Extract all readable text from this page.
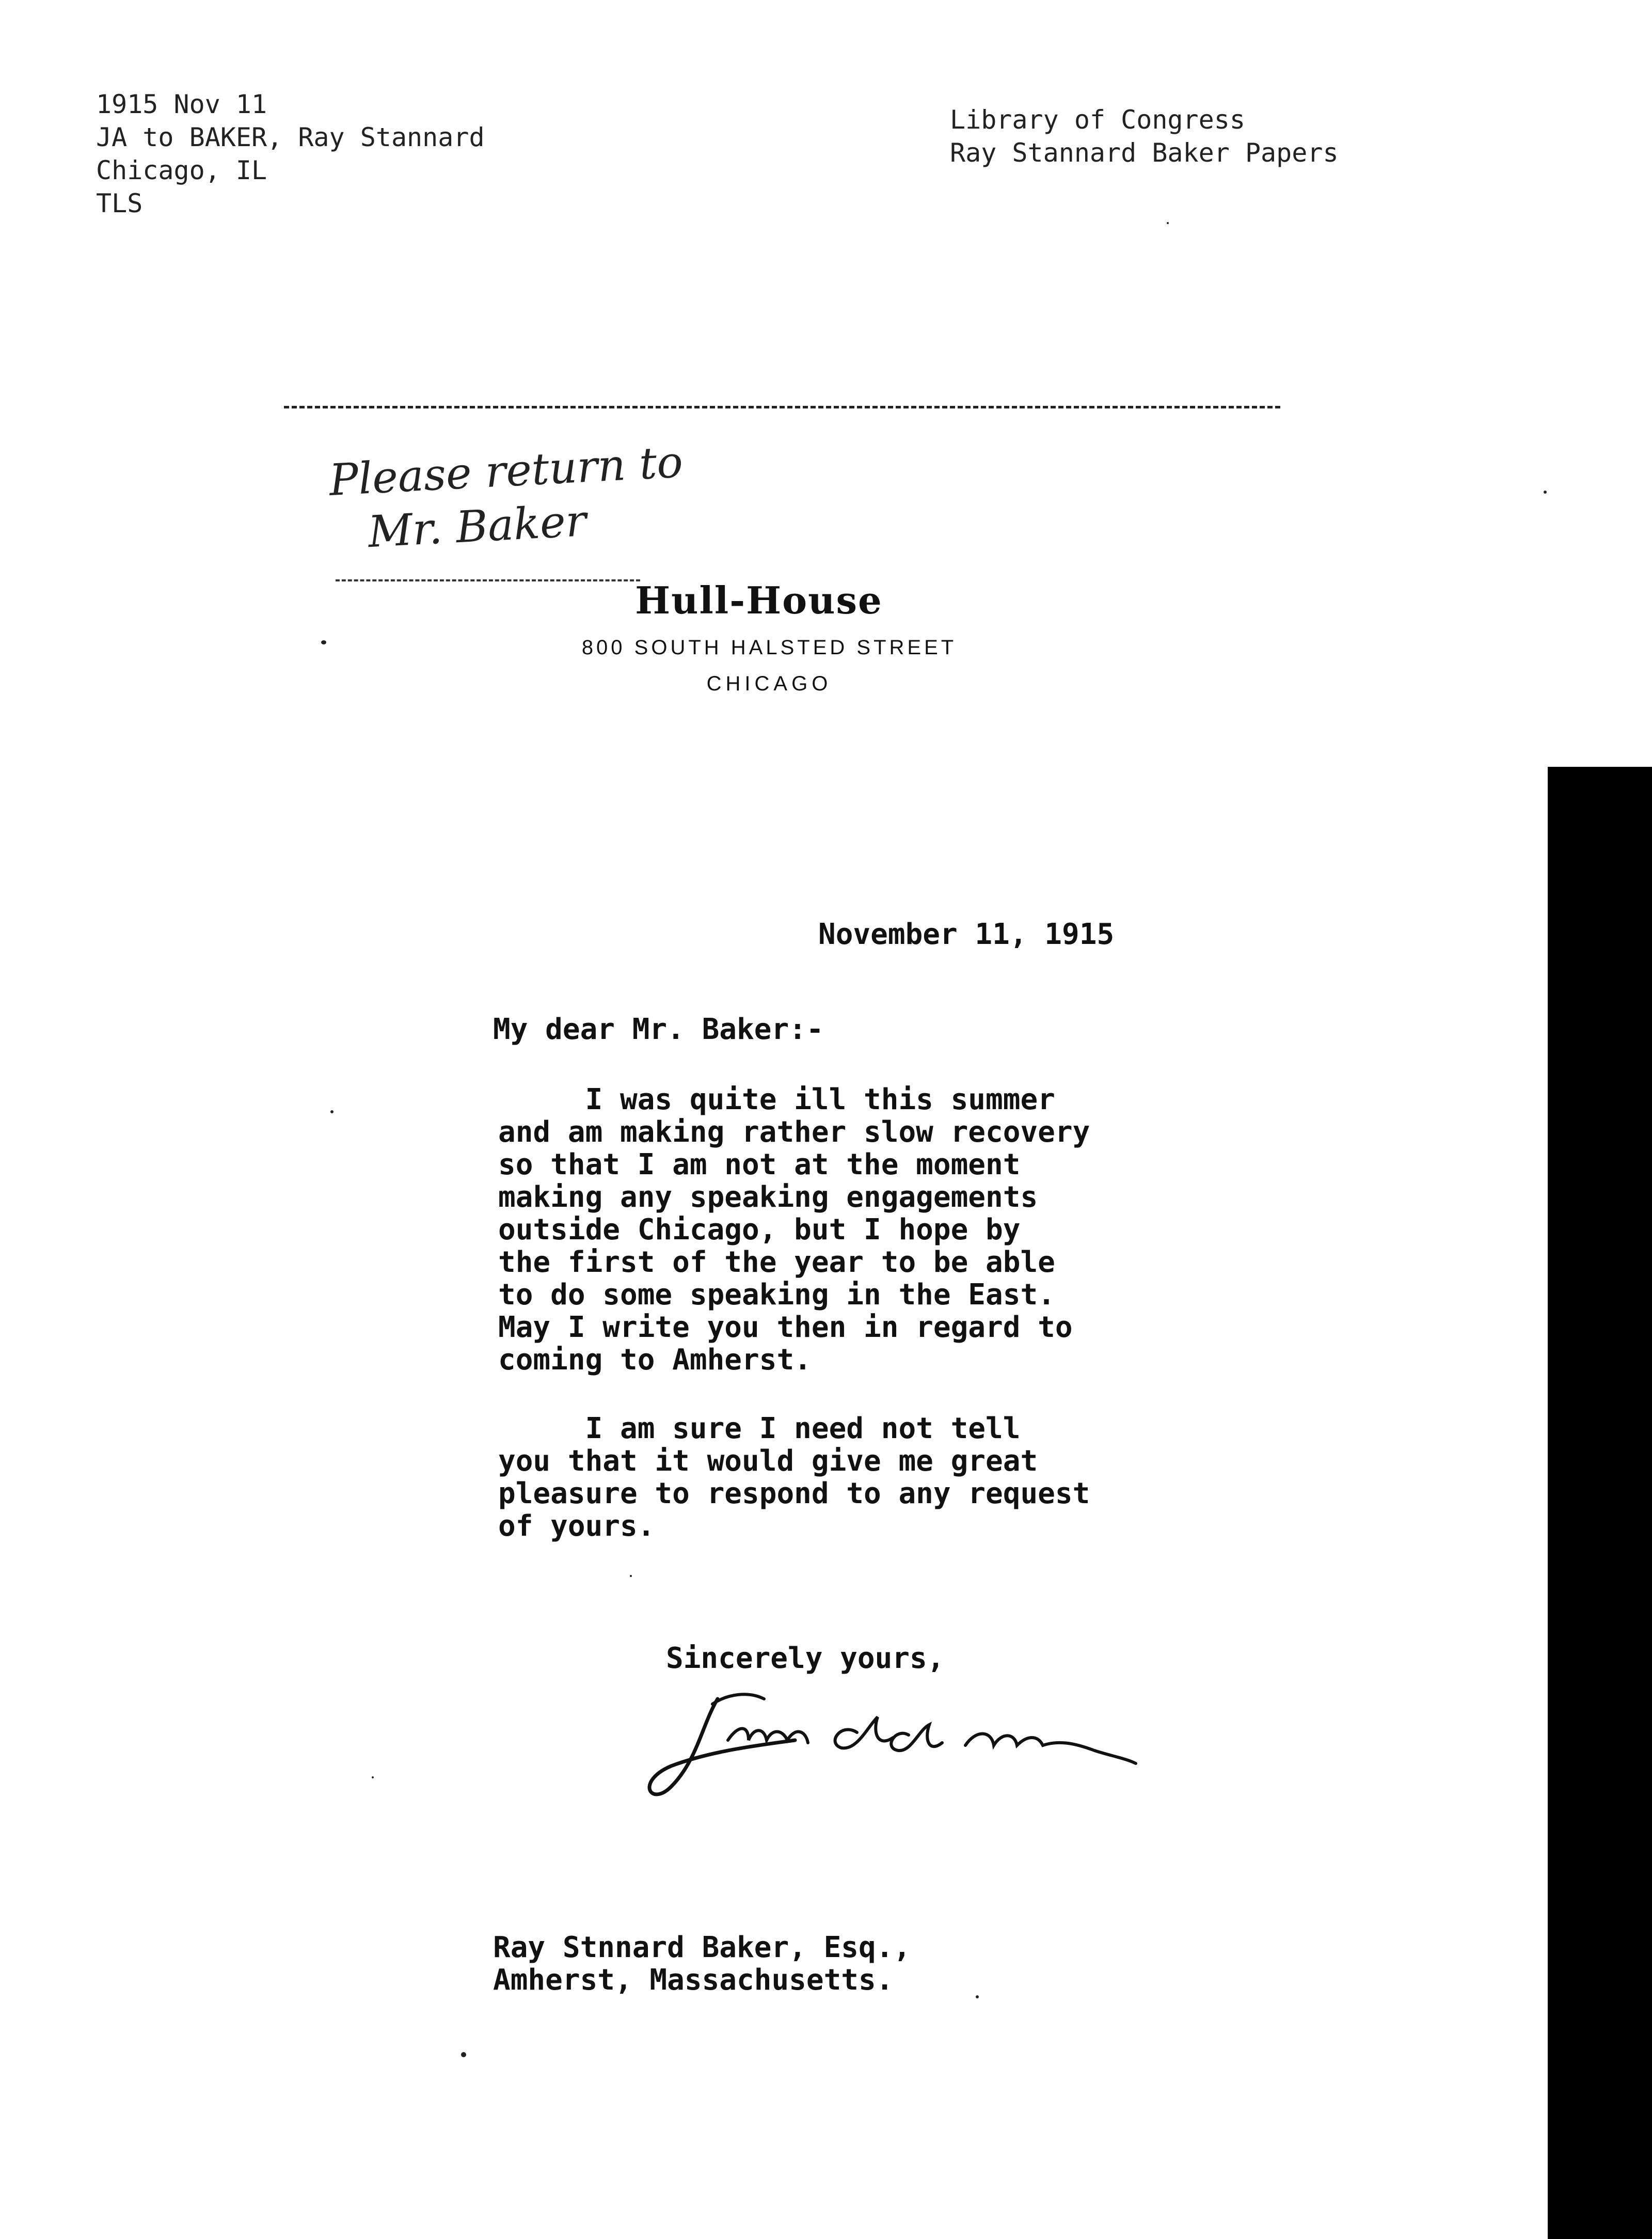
1915 Nov 11
JA to BAKER, Ray Stannard
Chicago, IL
TLS
Library of Congress
Ray Stannard Baker Papers
Please return to
Mr. Baker
Hull-House
800 SOUTH HALSTED STREET
CHICAGO
November 11, 1915
My dear Mr. Baker:-
I was quite ill this summer
and am making rather slow recovery
so that I am not at the moment
making any speaking engagements
outside Chicago, but I hope by
the first of the year to be able
to do some speaking in the East.
May I write you then in regard to
coming to Amherst.
I am sure I need not tell
you that it would give me great
pleasure to respond to any request
of yours.
Sincerely yours,
Ray Stnnard Baker, Esq.,
Amherst, Massachusetts.
